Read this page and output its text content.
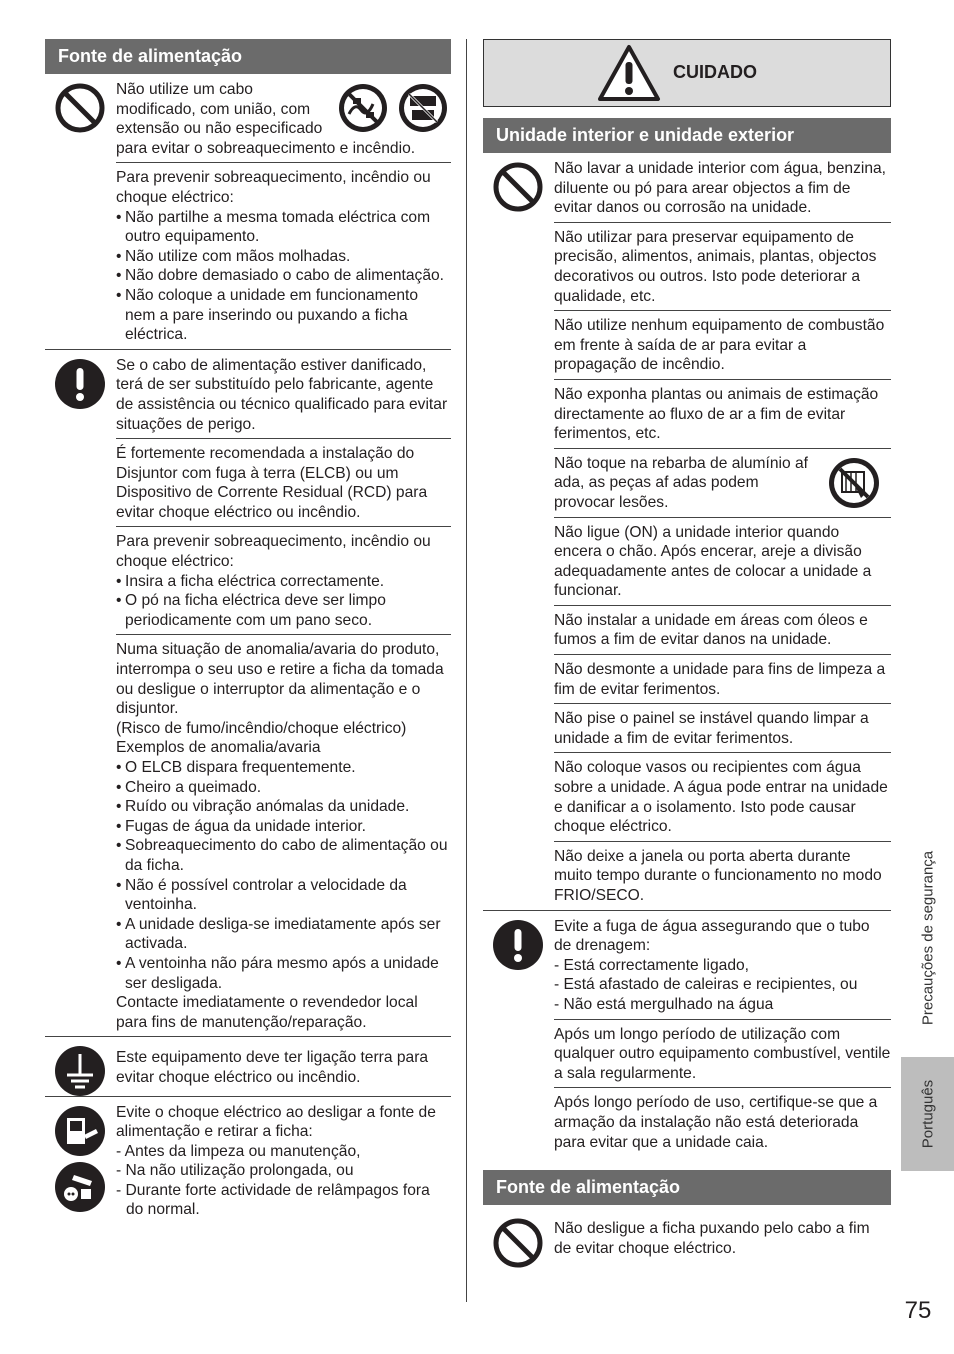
Fonte de alimentação

Não utilize um cabo modificado, com união, com extensão ou não especificado para evitar o sobreaquecimento e incêndio.

Para prevenir sobreaquecimento, incêndio ou choque eléctrico:

• Não partilhe a mesma tomada eléctrica com outro equipamento.

• Não utilize com mãos molhadas.

• Não dobre demasiado o cabo de alimentação.

• Não coloque a unidade em funcionamento nem a pare inserindo ou puxando a ficha eléctrica.

Se o cabo de alimentação estiver danificado, terá de ser substituído pelo fabricante, agente de assistência ou técnico qualificado para evitar situações de perigo.

É fortemente recomendada a instalação do Disjuntor com fuga à terra (ELCB) ou um Dispositivo de Corrente Residual (RCD) para evitar choque eléctrico ou incêndio.

Para prevenir sobreaquecimento, incêndio ou choque eléctrico:

• Insira a ficha eléctrica correctamente.

• O pó na ficha eléctrica deve ser limpo periodicamente com um pano seco.

Numa situação de anomalia/avaria do produto, interrompa o seu uso e retire a ficha da tomada ou desligue o interruptor da alimentação e o disjuntor.

(Risco de fumo/incêndio/choque eléctrico)

Exemplos de anomalia/avaria

• O ELCB dispara frequentemente.

• Cheiro a queimado.

• Ruído ou vibração anómalas da unidade.

• Fugas de água da unidade interior.

• Sobreaquecimento do cabo de alimentação ou da ficha.

• Não é possível controlar a velocidade da ventoinha.

• A unidade desliga-se imediatamente após ser activada.

• A ventoinha não pára mesmo após a unidade ser desligada.

Contacte imediatamente o revendedor local para fins de manutenção/reparação.

Este equipamento deve ter ligação terra para evitar choque eléctrico ou incêndio.

Evite o choque eléctrico ao desligar a fonte de alimentação e retirar a ficha:

- Antes da limpeza ou manutenção,

- Na não utilização prolongada, ou

- Durante forte actividade de relâmpagos fora do normal.

CUIDADO
Unidade interior e unidade exterior

Não lavar a unidade interior com água, benzina, diluente ou pó para arear objectos a fim de evitar danos ou corrosão na unidade.

Não utilizar para preservar equipamento de precisão, alimentos, animais, plantas, objectos decorativos ou outros. Isto pode deteriorar a qualidade, etc.

Não utilize nenhum equipamento de combustão em frente à saída de ar para evitar a propagação de incêndio.

Não exponha plantas ou animais de estimação directamente ao fluxo de ar a fim de evitar ferimentos, etc.

Não toque na rebarba de alumínio af ada, as peças af adas podem provocar lesões.

Não ligue (ON) a unidade interior quando encera o chão. Após encerar, areje a divisão adequadamente antes de colocar a unidade a funcionar.

Não instalar a unidade em áreas com óleos e fumos a fim de evitar danos na unidade.

Não desmonte a unidade para fins de limpeza a fim de evitar ferimentos.

Não pise o painel se instável quando limpar a unidade a fim de evitar ferimentos.

Não coloque vasos ou recipientes com água sobre a unidade. A água pode entrar na unidade e danificar a o isolamento. Isto pode causar choque eléctrico.

Não deixe a janela ou porta aberta durante muito tempo durante o funcionamento no modo FRIO/SECO.

Evite a fuga de água assegurando que o tubo de drenagem:

- Está correctamente ligado,

- Está afastado de caleiras e recipientes, ou

- Não está mergulhado na água

Após um longo período de utilização com qualquer outro equipamento combustível, ventile a sala regularmente.

Após longo período de uso, certifique-se que a armação da instalação não está deteriorada para evitar que a unidade caia.

Fonte de alimentação

Não desligue a ficha puxando pelo cabo a fim de evitar choque eléctrico.

Precauções de segurança
Português
75
